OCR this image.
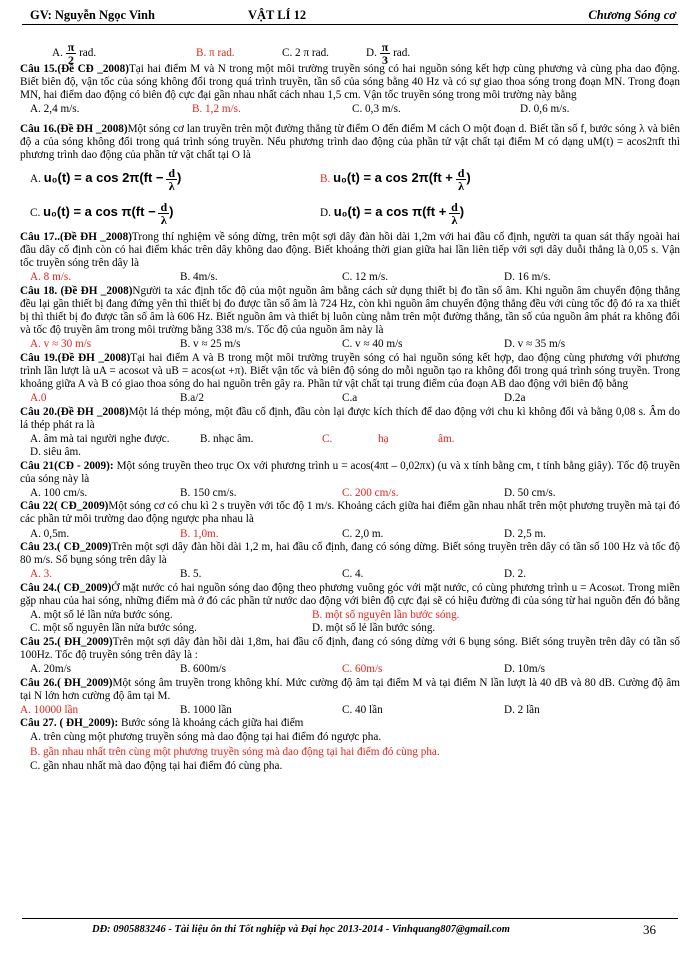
GV: Nguyễn Ngọc Vinh	VẬT LÍ 12	Chương Sóng cơ
A. $\frac{\pi}{2}$ rad.	B. π rad.	C. 2 π rad.	D. $\frac{\pi}{3}$ rad.
Câu 15.(Đề CĐ _2008)Tại hai điểm M và N trong một môi trường truyền sóng có hai nguồn sóng kết hợp cùng phương và cùng pha dao động. Biết biên độ, vận tốc của sóng không đổi trong quá trình truyền, tần số của sóng bằng 40 Hz và có sự giao thoa sóng trong đoạn MN. Trong đoạn MN, hai điểm dao động có biên độ cực đại gần nhau nhất cách nhau 1,5 cm. Vận tốc truyền sóng trong môi trường này bằng
A. 2,4 m/s.	B. 1,2 m/s.	C. 0,3 m/s.	D. 0,6 m/s.
Câu 16.(Đề ĐH _2008)Một sóng cơ lan truyền trên một đường thẳng từ điểm O đến điểm M cách O một đoạn d. Biết tần số f, bước sóng λ và biên độ a của sóng không đổi trong quá trình sóng truyền. Nếu phương trình dao động của phần tử vật chất tại điểm M có dạng uM(t) = acos2πft thì phương trình dao động của phần tử vật chất tại O là
A. u₀(t) = a $\cos 2\pi(ft - \frac{d}{\lambda}$ )	B. u₀(t) = a $\cos 2\pi(ft + \frac{d}{\lambda}$ )
C. u₀(t) = a $\cos \pi(ft - \frac{d}{\lambda}$ )	D. u₀(t) = a $\cos \pi(ft + \frac{d}{\lambda}$ )
Câu 17..(Đề ĐH _2008)Trong thí nghiệm về sóng dừng, trên một sợi dây đàn hồi dài 1,2m với hai đầu cố định, người ta quan sát thấy ngoài hai đầu dây cố định còn có hai điểm khác trên dây không dao động. Biết khoảng thời gian giữa hai lần liên tiếp với sợi dây duỗi thẳng là 0,05 s. Vận tốc truyền sóng trên dây là
A. 8 m/s.	B. 4m/s.	C. 12 m/s.	D. 16 m/s.
Câu 18. (Đề ĐH _2008)Người ta xác định tốc độ của một nguồn âm bằng cách sử dụng thiết bị đo tần số âm. Khi nguồn âm chuyển động thẳng đều lại gần thiết bị đang đứng yên thì thiết bị đo được tần số âm là 724 Hz, còn khi nguồn âm chuyển động thẳng đều với cùng tốc độ đó ra xa thiết bị thì thiết bị đo được tần số âm là 606 Hz. Biết nguồn âm và thiết bị luôn cùng nằm trên một đường thẳng, tần số của nguồn âm phát ra không đổi và tốc độ truyền âm trong môi trường bằng 338 m/s. Tốc độ của nguồn âm này là
A. v ≈ 30 m/s	B. v ≈ 25 m/s	C. v ≈ 40 m/s	D. v ≈ 35 m/s
Câu 19.(Đề ĐH _2008)Tại hai điểm A và B trong một môi trường truyền sóng có hai nguồn sóng kết hợp, dao động cùng phương với phương trình lần lượt là uA = acosωt và uB = acos(ωt +π). Biết vận tốc và biên độ sóng do mỗi nguồn tạo ra không đổi trong quá trình sóng truyền. Trong khoảng giữa A và B có giao thoa sóng do hai nguồn trên gây ra. Phần tử vật chất tại trung điểm của đoạn AB dao động với biên độ bằng
A.0	B.a/2	C.a	D.2a
Câu 20.(Đề ĐH _2008)Một lá thép mỏng, một đầu cố định, đầu còn lại được kích thích để dao động với chu kì không đổi và bằng 0,08 s. Âm do lá thép phát ra là
A. âm mà tai người nghe được.	B. nhạc âm.	C.	hạ	âm.
D. siêu âm.
Câu 21(CĐ - 2009): Một sóng truyền theo trục Ox với phương trình u = acos(4πt – 0,02πx) (u và x tính bằng cm, t tính bằng giây). Tốc độ truyền của sóng này là
A. 100 cm/s.	B. 150 cm/s.	C. 200 cm/s.	D. 50 cm/s.
Câu 22( CĐ_2009)Một sóng cơ có chu kì 2 s truyền với tốc độ 1 m/s. Khoảng cách giữa hai điểm gần nhau nhất trên một phương truyền mà tại đó các phần tử môi trường dao động ngược pha nhau là
A. 0,5m.	B. 1,0m.	C. 2,0 m.	D. 2,5 m.
Câu 23.( CĐ_2009)Trên một sợi dây đàn hồi dài 1,2 m, hai đầu cố định, đang có sóng dừng. Biết sóng truyền trên dây có tần số 100 Hz và tốc độ 80 m/s. Số bụng sóng trên dây là
A. 3.	B. 5.	C. 4.	D. 2.
Câu 24.( CĐ_2009)Ở mặt nước có hai nguồn sóng dao động theo phương vuông góc với mặt nước, có cùng phương trình u = Acosωt. Trong miền gặp nhau của hai sóng, những điểm mà ở đó các phần tử nước dao động với biên độ cực đại sẽ có hiệu đường đi của sóng từ hai nguồn đến đó bằng
A. một số lẻ lần nửa bước sóng.	B. một số nguyên lần bước sóng.
C. một số nguyên lần nửa bước sóng.	D. một số lẻ lần bước sóng.
Câu 25.( ĐH_2009)Trên một sợi dây đàn hồi dài 1,8m, hai đầu cố định, đang có sóng dừng với 6 bụng sóng. Biết sóng truyền trên dây có tần số 100Hz. Tốc độ truyền sóng trên dây là :
A. 20m/s	B. 600m/s	C. 60m/s	D. 10m/s
Câu 26.( ĐH_2009)Một sóng âm truyền trong không khí. Mức cường độ âm tại điểm M và tại điểm N lần lượt là 40 dB và 80 dB. Cường độ âm tại N lớn hơn cường độ âm tại M.
A. 10000 lần	B. 1000 lần	C. 40 lần	D. 2 lần
Câu 27. ( ĐH_2009): Bước sóng là khoảng cách giữa hai điểm
A. trên cùng một phương truyền sóng mà dao động tại hai điểm đó ngược pha.
B. gần nhau nhất trên cùng một phương truyền sóng mà dao động tại hai điểm đó cùng pha.
C. gần nhau nhất mà dao động tại hai điểm đó cùng pha.
DĐ: 0905883246 - Tài liệu ôn thi Tốt nghiệp và Đại học 2013-2014 - Vinhquang807@gmail.com	36
